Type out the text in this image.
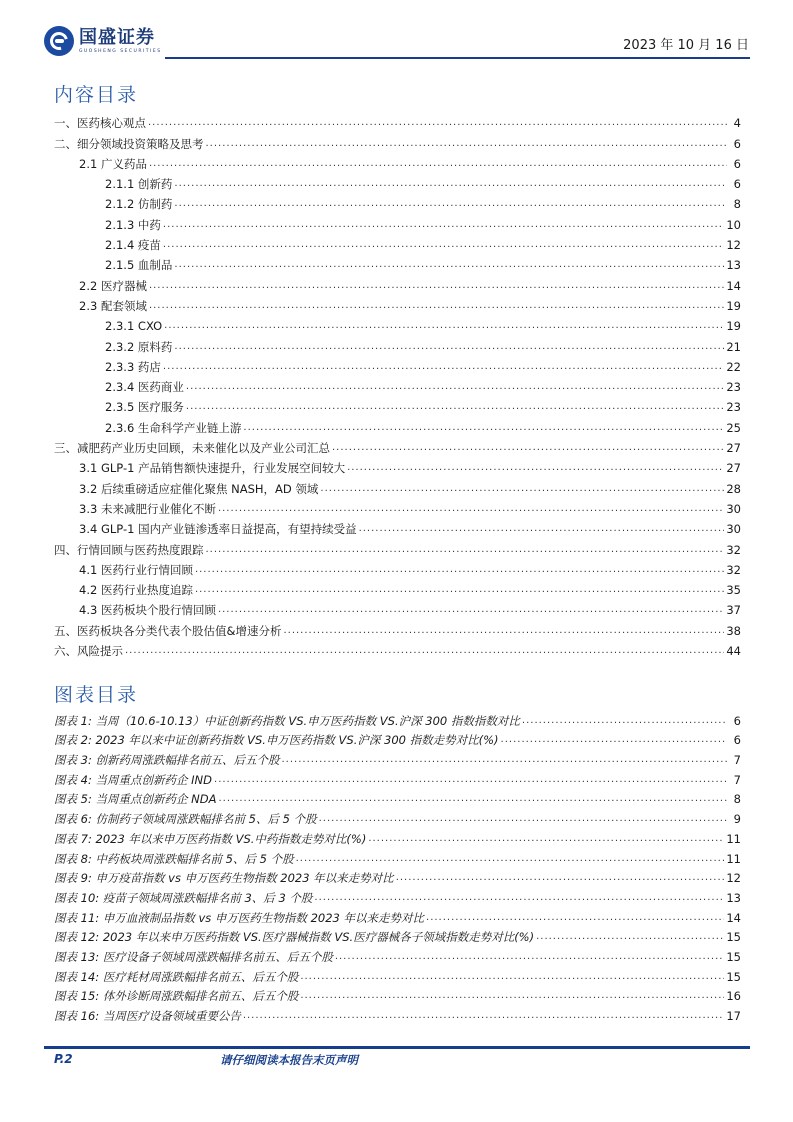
国盛证券
GUOSHENG SECURITIES	2023 年 10 月 16 日
内容目录
一、医药核心观点 .....	4
二、细分领域投资策略及思考 .....	6
2.1 广义药品 .....	6
2.1.1 创新药 .....	6
2.1.2 仿制药 .....	8
2.1.3 中药 .....	10
2.1.4 疫苗 .....	12
2.1.5 血制品 .....	13
2.2 医疗器械 .....	14
2.3 配套领域 .....	19
2.3.1 CXO .....	19
2.3.2 原料药 .....	21
2.3.3 药店 .....	22
2.3.4 医药商业 .....	23
2.3.5 医疗服务 .....	23
2.3.6 生命科学产业链上游 .....	25
三、减肥药产业历史回顾，未来催化以及产业公司汇总 .....	27
3.1 GLP-1 产品销售额快速提升，行业发展空间较大 .....	27
3.2 后续重磅适应症催化聚焦 NASH，AD 领域 .....	28
3.3 未来减肥行业催化不断 .....	30
3.4 GLP-1 国内产业链渗透率日益提高，有望持续受益 .....	30
四、行情回顾与医药热度跟踪 .....	32
4.1 医药行业行情回顾 .....	32
4.2 医药行业热度追踪 .....	35
4.3 医药板块个股行情回顾 .....	37
五、医药板块各分类代表个股估值&增速分析 .....	38
六、风险提示 .....	44
图表目录
图表 1: 当周（10.6-10.13）中证创新药指数 VS.申万医药指数 VS.沪深 300 指数指数对比 .....	6
图表 2: 2023 年以来中证创新药指数 VS.申万医药指数 VS.沪深 300 指数走势对比(%) .....	6
图表 3: 创新药周涨跌幅排名前五、后五个股 .....	7
图表 4: 当周重点创新药企 IND .....	7
图表 5: 当周重点创新药企 NDA .....	8
图表 6: 仿制药子领域周涨跌幅排名前 5、后 5 个股 .....	9
图表 7: 2023 年以来申万医药指数 VS.中药指数走势对比(%) .....	11
图表 8: 中药板块周涨跌幅排名前 5、后 5 个股 .....	11
图表 9: 申万疫苗指数 vs 申万医药生物指数 2023 年以来走势对比 .....	12
图表 10: 疫苗子领域周涨跌幅排名前 3、后 3 个股 .....	13
图表 11: 申万血液制品指数 vs 申万医药生物指数 2023 年以来走势对比 .....	14
图表 12: 2023 年以来申万医药指数 VS.医疗器械指数 VS.医疗器械各子领域指数走势对比(%) .....	15
图表 13: 医疗设备子领域周涨跌幅排名前五、后五个股 .....	15
图表 14: 医疗耗材周涨跌幅排名前五、后五个股 .....	15
图表 15: 体外诊断周涨跌幅排名前五、后五个股 .....	16
图表 16: 当周医疗设备领域重要公告 .....	17
P.2	请仔细阅读本报告末页声明
